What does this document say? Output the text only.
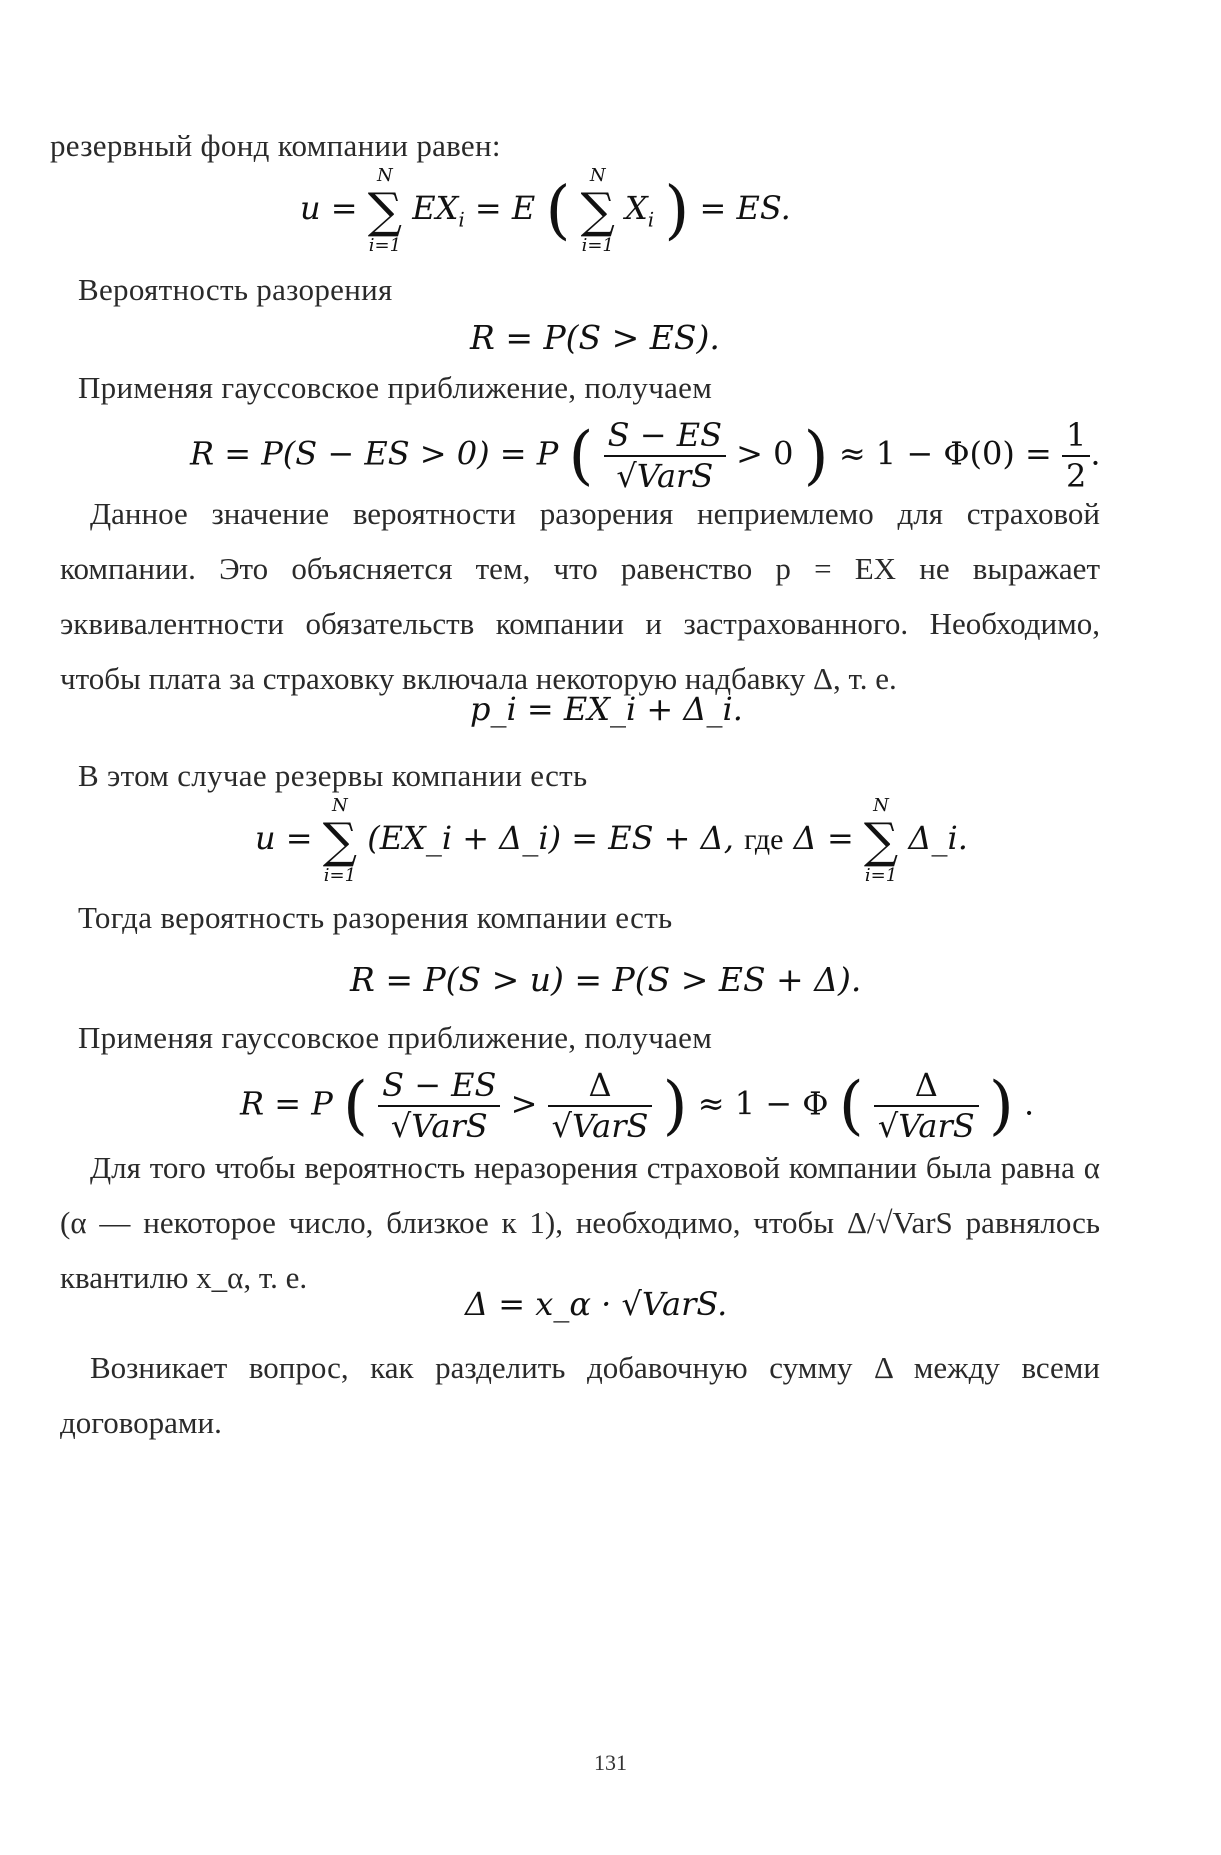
резервный фонд компании равен:
u =
N
∑
i=1
$EX_i = E$ (	N
∑
i=1
$X_i$ ) = ES.
Вероятность разорения
R = P(S > ES).
Применяя гауссовское приближение, получаем
R = P(S − ES > 0) = P ( $\frac{S - ES}{\text{√VarS}} > 0$ ) ≈ $1 - \Phi(0) = \frac{1}{2}$ .
Данное значение вероятности разорения неприемлемо для страховой компании. Это объясняется тем, что равенство p = EX не выражает эквивалентности обязательств компании и застрахованного. Необходимо, чтобы плата за страховку включала некоторую надбавку Δ, т. е.
p_i = EX_i + Δ_i.
В этом случае резервы компании есть
u =
N
∑
i=1
(EX_i + Δ_i) = ES + Δ, где Δ =
N
∑
i=1
Δ_i.
Тогда вероятность разорения компании есть
R = P(S > u) = P(S > ES + Δ).
Применяя гауссовское приближение, получаем
R = P ( $\frac{S - ES}{\text{√VarS}} > \frac{\Delta}{\text{√VarS}}$ ) ≈ 1 − Φ ( $\frac{\Delta}{\text{√VarS}}$ ) .
Для того чтобы вероятность неразорения страховой компании была равна α (α — некоторое число, близкое к 1), необходимо, чтобы Δ/√VarS равнялось квантилю x_α, т. е.
Δ = x_α · √VarS.
Возникает вопрос, как разделить добавочную сумму Δ между всеми договорами.
131
